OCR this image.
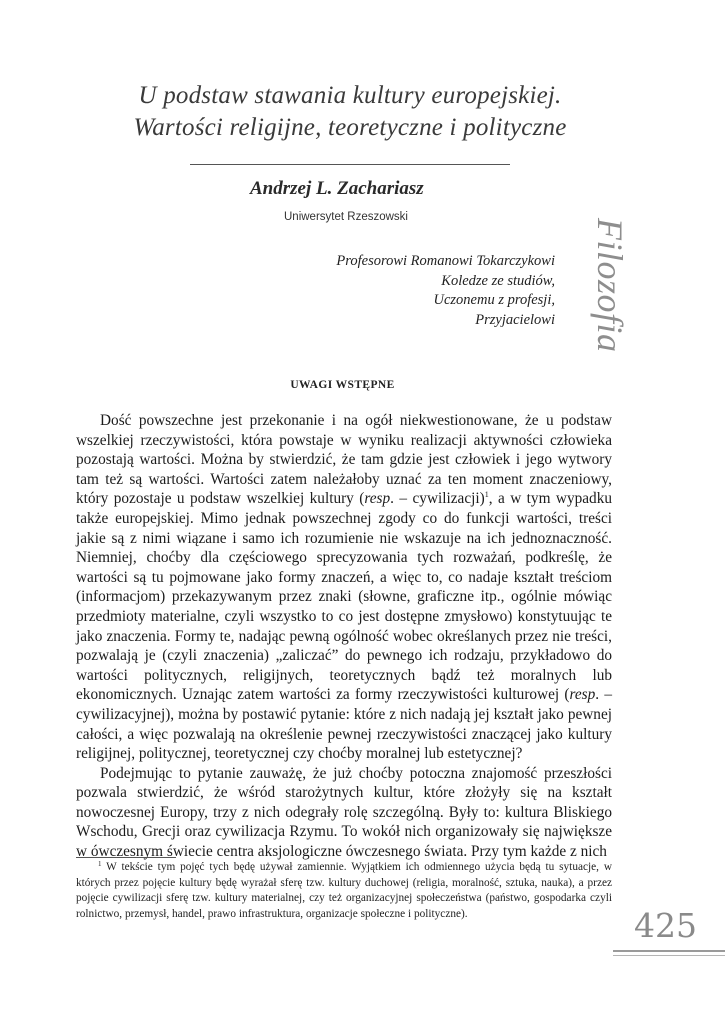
U podstaw stawania kultury europejskiej.
Wartości religijne, teoretyczne i polityczne
Andrzej L. Zachariasz
Uniwersytet Rzeszowski
Profesorowi Romanowi Tokarczykowi
Koledze ze studiów,
Uczonemu z profesji,
Przyjacielowi
UWAGI WSTĘPNE

Dość powszechne jest przekonanie i na ogół niekwestionowane, że u podstaw wszelkiej rzeczywistości, która powstaje w wyniku realizacji aktywności człowieka pozostają wartości. Można by stwierdzić, że tam gdzie jest człowiek i jego wytwory tam też są wartości. Wartości zatem należałoby uznać za ten moment znaczeniowy, który pozostaje u podstaw wszelkiej kultury (resp. – cywilizacji)$^1$, a w tym wypadku także europejskiej. Mimo jednak powszechnej zgody co do funkcji wartości, treści jakie są z nimi wiązane i samo ich rozumienie nie wskazuje na ich jednoznaczność. Niemniej, choćby dla częściowego sprecyzowania tych rozważań, podkreślę, że wartości są tu pojmowane jako formy znaczeń, a więc to, co nadaje kształt treściom (informacjom) przekazywanym przez znaki (słowne, graficzne itp., ogólnie mówiąc przedmioty materialne, czyli wszystko to co jest dostępne zmysłowo) konstytuując te jako znaczenia. Formy te, nadając pewną ogólność wobec określanych przez nie treści, pozwalają je (czyli znaczenia) „zaliczać” do pewnego ich rodzaju, przykładowo do wartości politycznych, religijnych, teoretycznych bądź też moralnych lub ekonomicznych. Uznając zatem wartości za formy rzeczywistości kulturowej (resp. – cywilizacyjnej), można by postawić pytanie: które z nich nadają jej kształt jako pewnej całości, a więc pozwalają na określenie pewnej rzeczywistości znaczącej jako kultury religijnej, politycznej, teoretycznej czy choćby moralnej lub estetycznej?

Podejmując to pytanie zauważę, że już choćby potoczna znajomość przeszłości pozwala stwierdzić, że wśród starożytnych kultur, które złożyły się na kształt nowoczesnej Europy, trzy z nich odegrały rolę szczególną. Były to: kultura Bliskiego Wschodu, Grecji oraz cywilizacja Rzymu. To wokół nich organizowały się największe w ówczesnym świecie centra aksjologiczne ówczesnego świata. Przy tym każde z nich

$^1$ W tekście tym pojęć tych będę używał zamiennie. Wyjątkiem ich odmiennego użycia będą tu sytuacje, w których przez pojęcie kultury będę wyrażał sferę tzw. kultury duchowej (religia, moralność, sztuka, nauka), a przez pojęcie cywilizacji sferę tzw. kultury materialnej, czy też organizacyjnej społeczeństwa (państwo, gospodarka czyli rolnictwo, przemysł, handel, prawo infrastruktura, organizacje społeczne i polityczne).

Filozofia
425
